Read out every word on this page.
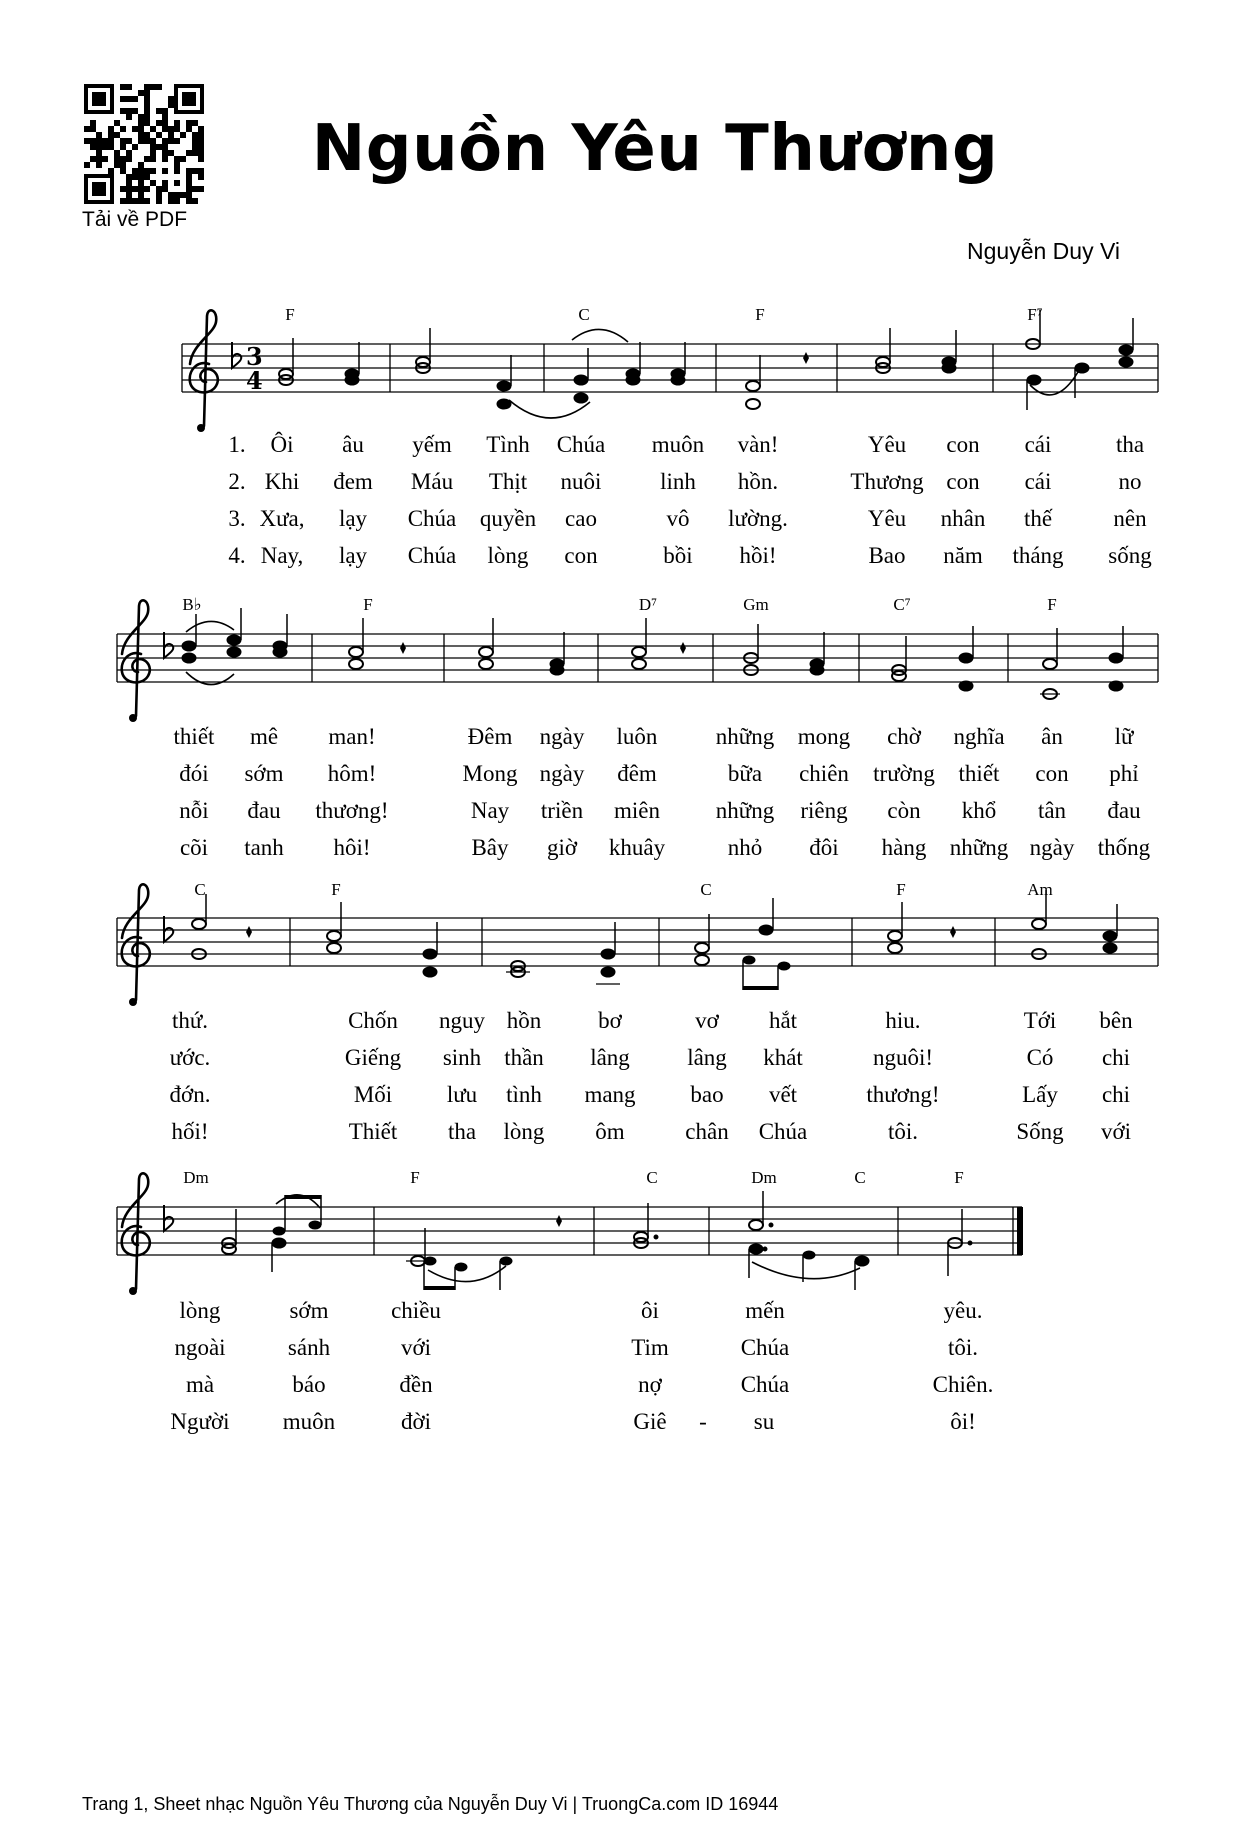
Tải về PDF
Nguồn Yêu Thương
Nguyễn Duy Vi
3
4
F	C	F	F⁷
B♭	F	D⁷	Gm	C⁷	F
C	F	C	F	Am
Dm	F	C	Dm	C	F
1. Ôi âu yếm Tình Chúa muôn vàn!	Yêu con cái	tha
2. Khi đem Máu Thịt nuôi	linh hồn.	Thương con cái	no
3. Xưa, lạy Chúa quyền cao	vô lường.	Yêu nhân thế	nên
4. Nay, lạy Chúa lòng con	bồi hồi!	Bao năm tháng sống
thiết mê man!	Đêm ngày luôn	những mong chờ nghĩa ân lữ
đói sớm hôm!	Mong ngày đêm	bữa chiên trường thiết con phỉ
nỗi đau thương!	Nay triền miên những riêng còn khổ tân đau
cõi tanh hôi!	Bây giờ khuây	nhỏ đôi hàng những ngày thống
thứ.	Chốn nguy hồn bơ	vơ hắt	hiu.	Tới bên
ước.	Giếng sinh thần lâng lâng khát	nguôi!	Có chi
đớn.	Mối lưu tình mang bao vết	thương!	Lấy chi
hối!	Thiết tha lòng ôm	chân Chúa	tôi.	Sống với
lòng	sớm	chiều	ôi	mến	yêu.
ngoài	sánh	với	Tim	Chúa	tôi.
mà	báo	đền	nợ	Chúa	Chiên.
Người muôn	đời	Giê - su	ôi!
Trang 1, Sheet nhạc Nguồn Yêu Thương của Nguyễn Duy Vi | TruongCa.com ID 16944
